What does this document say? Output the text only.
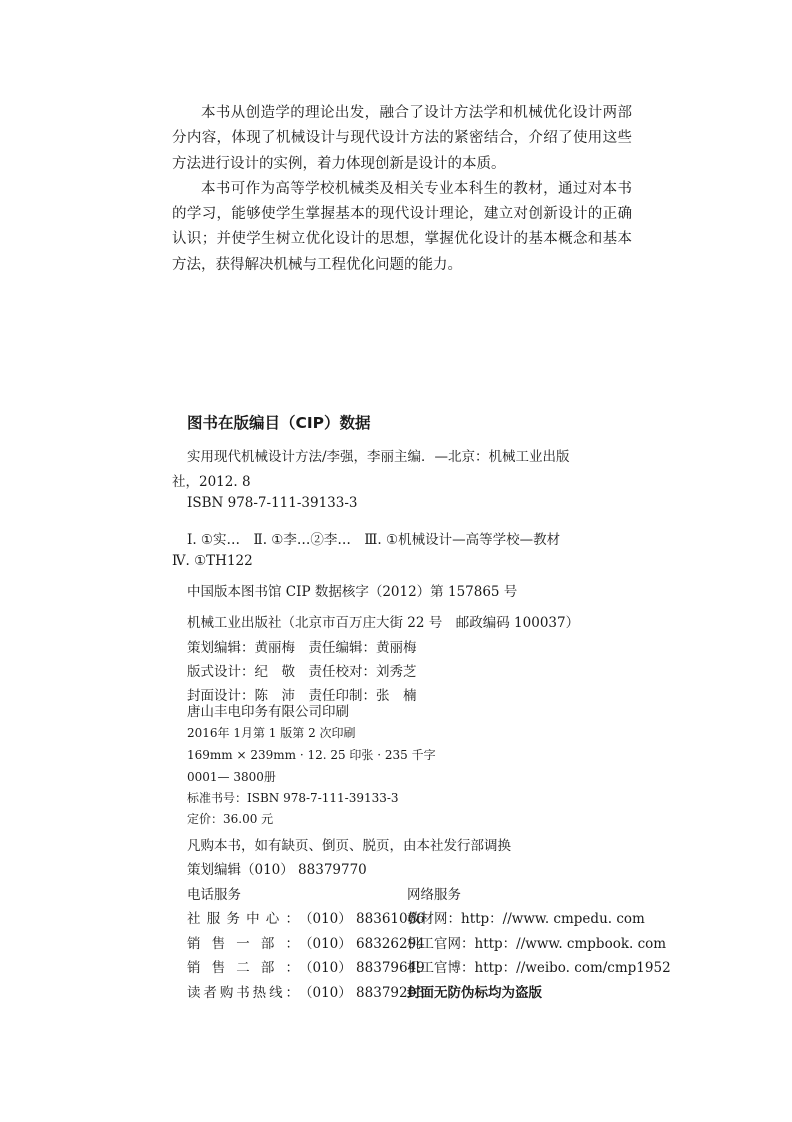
本书从创造学的理论出发，融合了设计方法学和机械优化设计两部分内容，体现了机械设计与现代设计方法的紧密结合，介绍了使用这些方法进行设计的实例，着力体现创新是设计的本质。

本书可作为高等学校机械类及相关专业本科生的教材，通过对本书的学习，能够使学生掌握基本的现代设计理论，建立对创新设计的正确认识；并使学生树立优化设计的思想，掌握优化设计的基本概念和基本方法，获得解决机械与工程优化问题的能力。

图书在版编目（CIP）数据
实用现代机械设计方法/李强，李丽主编．—北京：机械工业出版
社，2012. 8
ISBN 978-7-111-39133-3
Ⅰ. ①实…　Ⅱ. ①李…②李…　Ⅲ. ①机械设计—高等学校—教材
Ⅳ. ①TH122
中国版本图书馆 CIP 数据核字（2012）第 157865 号
机械工业出版社（北京市百万庄大街 22 号　邮政编码 100037）
策划编辑：黄丽梅　责任编辑：黄丽梅
版式设计：纪　敬　责任校对：刘秀芝
封面设计：陈　沛　责任印制：张　楠
唐山丰电印务有限公司印刷
2016年 1月第 1 版第 2 次印刷
169mm × 239mm · 12. 25 印张 · 235 千字
0001— 3800册
标准书号：ISBN 978-7-111-39133-3
定价：36.00 元
凡购本书，如有缺页、倒页、脱页，由本社发行部调换
策划编辑（010） 88379770
电话服务	网络服务
社服务中心：（010） 88361066
教材网：http：//www. cmpedu. com
销售一部：（010） 68326294
机工官网：http：//www. cmpbook. com
销售二部：（010） 88379649
机工官博：http：//weibo. com/cmp1952
读者购书热线：（010） 88379203
封面无防伪标均为盗版
